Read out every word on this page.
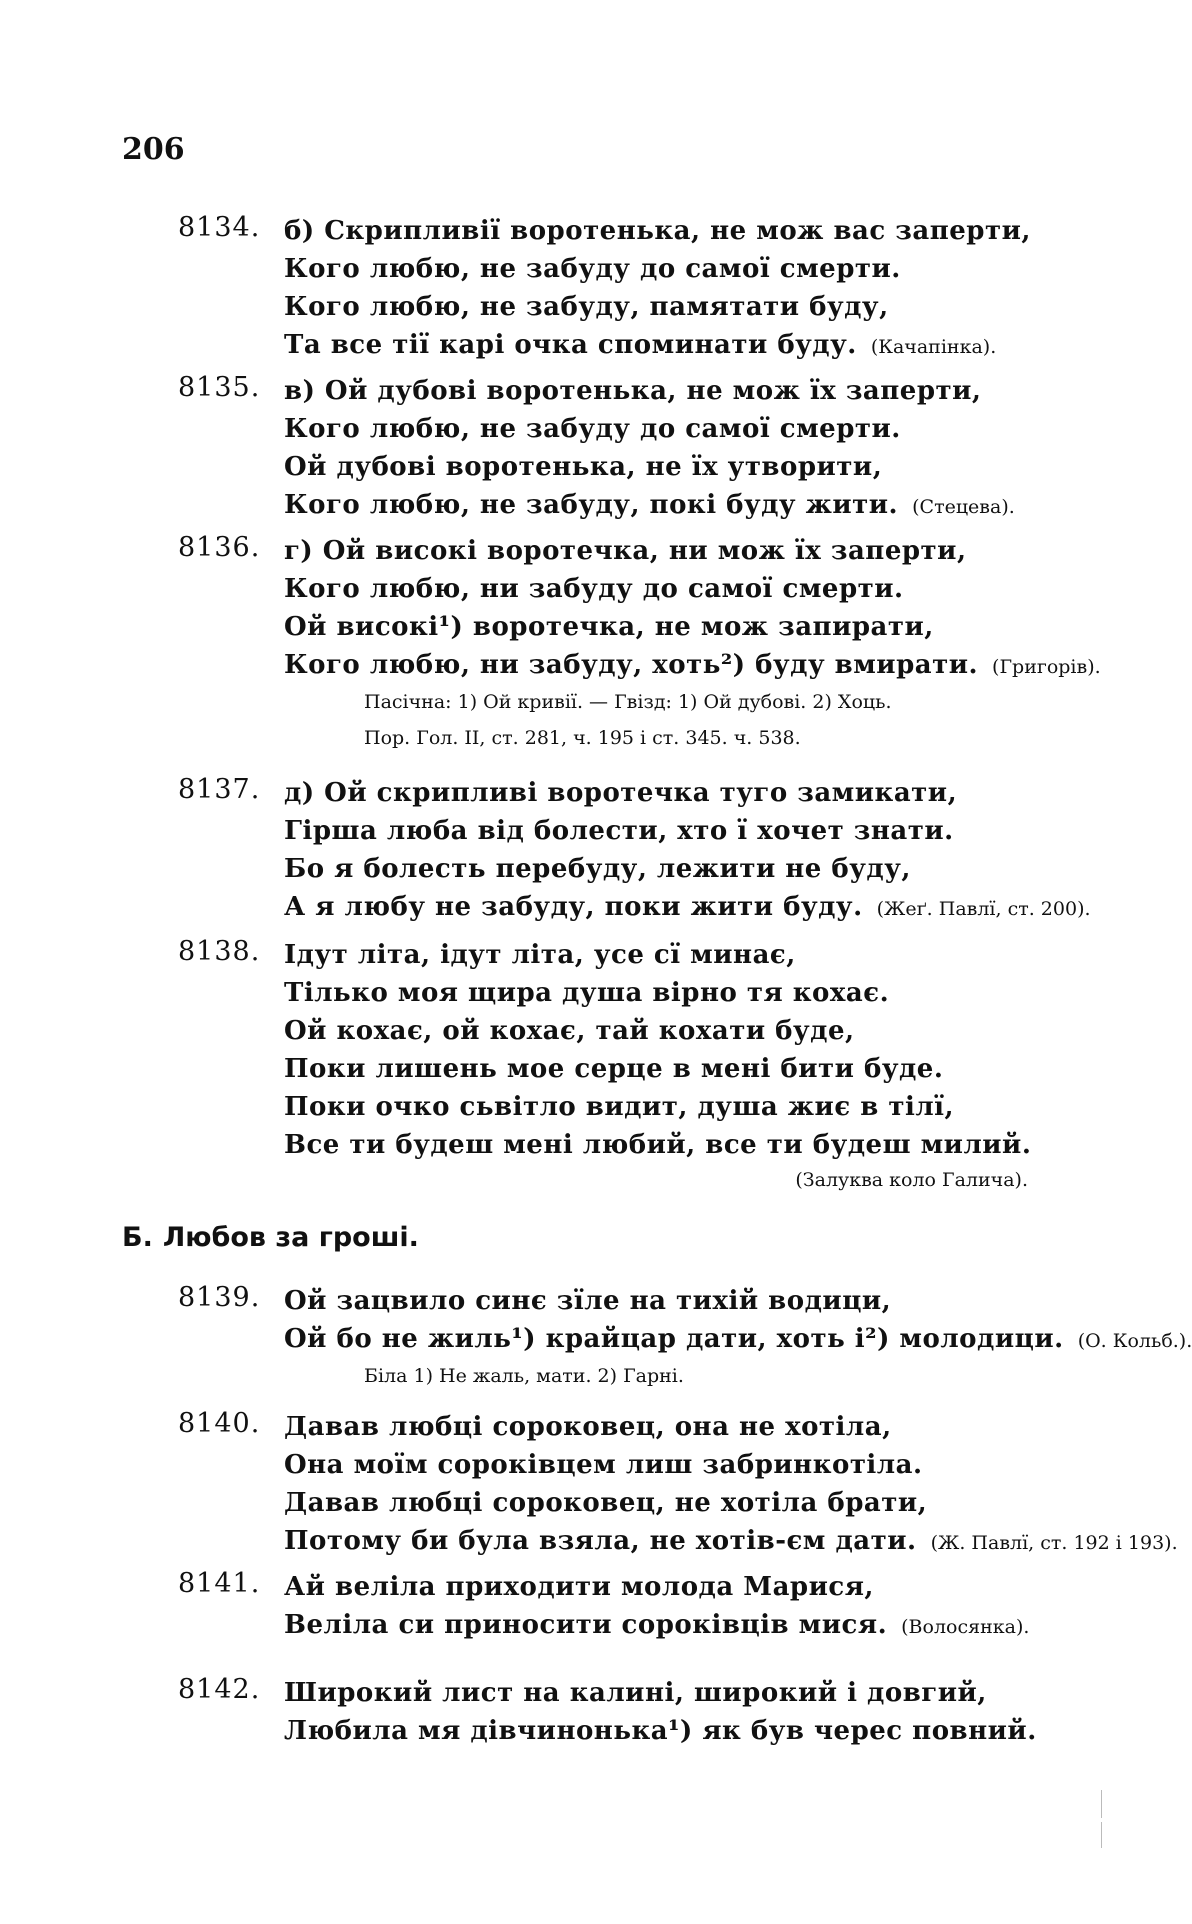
206
8134. б) Скрипливії воротенька, не мож вас заперти,
Кого любю, не забуду до самої смерти.
Кого любю, не забуду, памятати буду,
Та все тії карі очка споминати буду. (Качапінка).
8135. в) Ой дубові воротенька, не мож їх заперти,
Кого любю, не забуду до самої смерти.
Ой дубові воротенька, не їх утворити,
Кого любю, не забуду, покі буду жити. (Стецева).
8136. г) Ой високі воротечка, ни мож їх заперти,
Кого любю, ни забуду до самої смерти.
Ой високі¹) воротечка, не мож запирати,
Кого любю, ни забуду, хоть²) буду вмирати. (Григорів).
Пасічна: 1) Ой кривії. — Гвізд: 1) Ой дубові. 2) Хоць.
Пор. Гол. II, ст. 281, ч. 195 і ст. 345. ч. 538.
8137. д) Ой скрипливі воротечка туго замикати,
Гірша люба від болести, хто ї хочет знати.
Бо я болесть перебуду, лежити не буду,
А я любу не забуду, поки жити буду. (Жеґ. Павлї, ст. 200).
8138. Ідут літа, ідут літа, усе сї минає,
Тілько моя щира душа вірно тя кохає.
Ой кохає, ой кохає, тай кохати буде,
Поки лишень мое серце в мені бити буде.
Поки очко сьвітло видит, душа жиє в тілї,
Все ти будеш мені любий, все ти будеш милий.
(Залуква коло Галича).
Б. Любов за гроші.
8139. Ой зацвило синє зїле на тихій водици,
Ой бо не жиль¹) крайцар дати, хоть і²) молодици. (О. Кольб.).
Біла 1) Не жаль, мати. 2) Гарні.
8140. Давав любці сороковец, она не хотіла,
Она моїм сороківцем лиш забринкотіла.
Давав любці сороковец, не хотіла брати,
Потому би була взяла, не хотів-єм дати. (Ж. Павлї, ст. 192 і 193).
8141. Ай веліла приходити молода Марися,
Веліла си приносити сороківців мися. (Волосянка).
8142. Широкий лист на калині, широкий і довгий,
Любила мя дівчинонька¹) як був черес повний.
